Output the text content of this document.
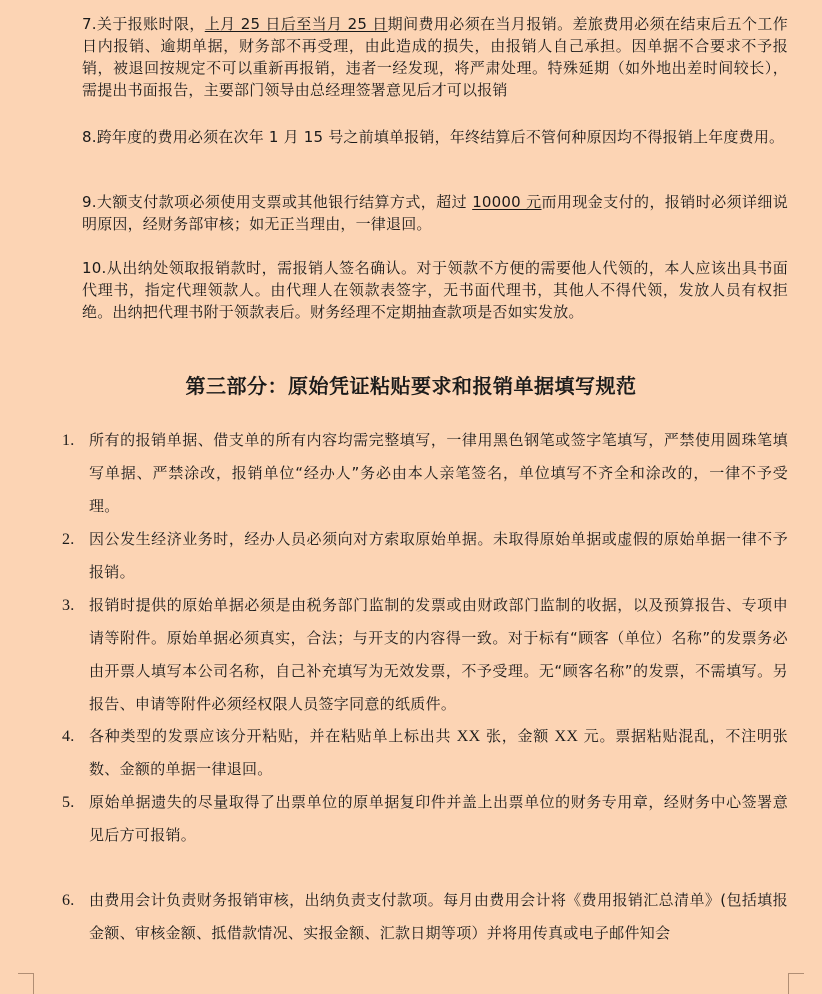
7.关于报账时限，上月 25 日后至当月 25 日期间费用必须在当月报销。差旅费用必须在结束后五个工作日内报销、逾期单据，财务部不再受理，由此造成的损失，由报销人自己承担。因单据不合要求不予报销，被退回按规定不可以重新再报销，违者一经发现，将严肃处理。特殊延期（如外地出差时间较长），需提出书面报告，主要部门领导由总经理签署意见后才可以报销
8.跨年度的费用必须在次年 1 月 15 号之前填单报销，年终结算后不管何种原因均不得报销上年度费用。
9.大额支付款项必须使用支票或其他银行结算方式，超过 10000 元而用现金支付的，报销时必须详细说明原因，经财务部审核；如无正当理由，一律退回。
10.从出纳处领取报销款时，需报销人签名确认。对于领款不方便的需要他人代领的，本人应该出具书面代理书，指定代理领款人。由代理人在领款表签字，无书面代理书，其他人不得代领，发放人员有权拒绝。出纳把代理书附于领款表后。财务经理不定期抽查款项是否如实发放。
第三部分：原始凭证粘贴要求和报销单据填写规范
1. 所有的报销单据、借支单的所有内容均需完整填写，一律用黑色钢笔或签字笔填写，严禁使用圆珠笔填写单据、严禁涂改，报销单位“经办人”务必由本人亲笔签名，单位填写不齐全和涂改的，一律不予受理。
2. 因公发生经济业务时，经办人员必须向对方索取原始单据。未取得原始单据或虚假的原始单据一律不予报销。
3. 报销时提供的原始单据必须是由税务部门监制的发票或由财政部门监制的收据，以及预算报告、专项申请等附件。原始单据必须真实，合法；与开支的内容得一致。对于标有“顾客（单位）名称”的发票务必由开票人填写本公司名称，自己补充填写为无效发票，不予受理。无“顾客名称”的发票，不需填写。另报告、申请等附件必须经权限人员签字同意的纸质件。
4. 各种类型的发票应该分开粘贴，并在粘贴单上标出共 XX 张，金额 XX 元。票据粘贴混乱，不注明张数、金额的单据一律退回。
5. 原始单据遗失的尽量取得了出票单位的原单据复印件并盖上出票单位的财务专用章，经财务中心签署意见后方可报销。
6. 由费用会计负责财务报销审核，出纳负责支付款项。每月由费用会计将《费用报销汇总清单》(包括填报金额、审核金额、抵借款情况、实报金额、汇款日期等项）并将用传真或电子邮件知会
